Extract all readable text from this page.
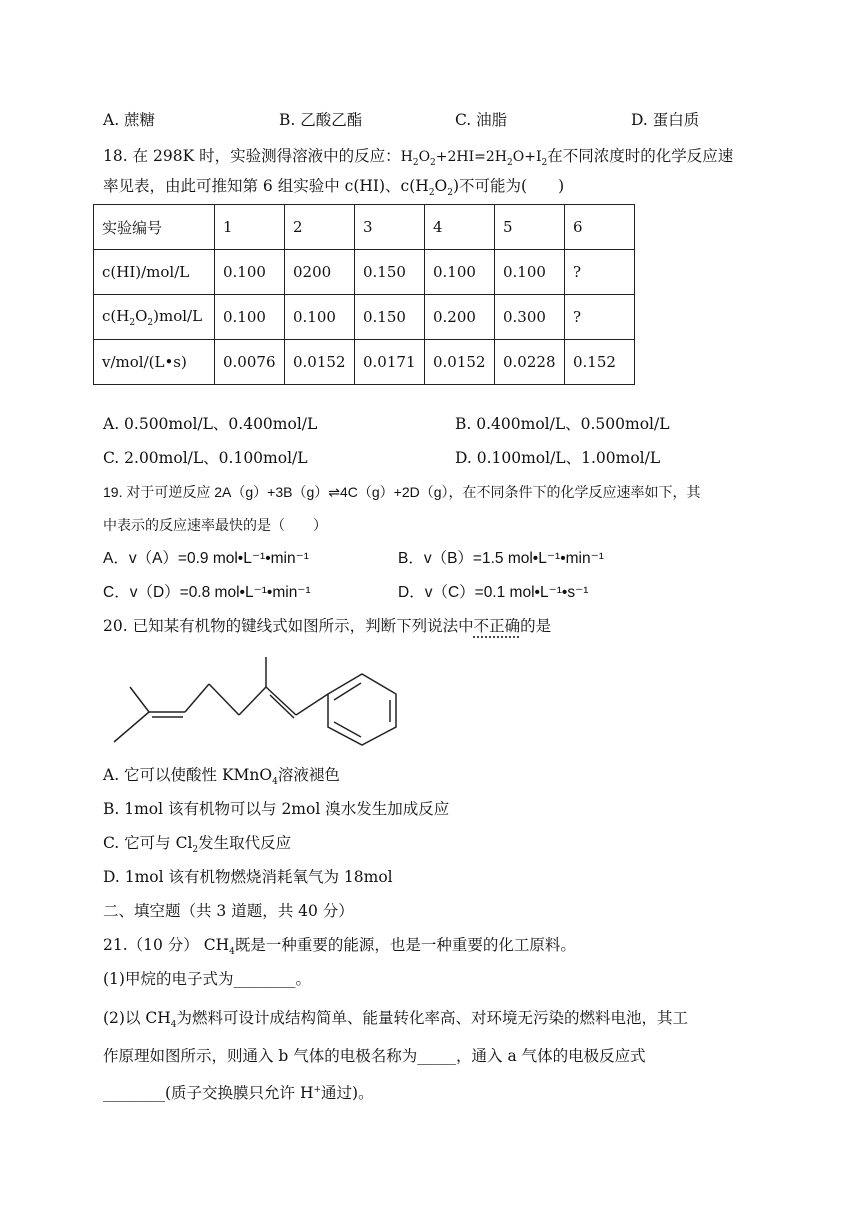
A. 蔗糖	B. 乙酸乙酯	C. 油脂	D. 蛋白质
18. 在 298K 时，实验测得溶液中的反应：$H_2O_2+2HI=2H_2O+I_2$在不同浓度时的化学反应速
率见表，由此可推知第 6 组实验中 c(HI)、$c(H_2O_2)$不可能为(　　)
实验编号	1	2	3	4	5	6
c(HI)/mol/L	0.100	0200	0.150	0.100	0.100	?
$c(H_2O_2)mol/L$	0.100	0.100	0.150	0.200	0.300	?
v/mol/(L•s)	0.0076	0.0152	0.0171	0.0152	0.0228	0.152
A. 0.500mol/L、0.400mol/L	B. 0.400mol/L、0.500mol/L
C. 2.00mol/L、0.100mol/L	D. 0.100mol/L、1.00mol/L
19. 对于可逆反应 2A（g）+3B（g）⇌4C（g）+2D（g），在不同条件下的化学反应速率如下，其
中表示的反应速率最快的是（　　）
A．v（A）=0.9 mol•L⁻¹•min⁻¹	B．v（B）=1.5 mol•L⁻¹•min⁻¹
C．v（D）=0.8 mol•L⁻¹•min⁻¹	D．v（C）=0.1 mol•L⁻¹•s⁻¹
20. 已知某有机物的键线式如图所示，判断下列说法中不正确的是
A. 它可以使酸性 KMnO$_4$溶液褪色
B. 1mol 该有机物可以与 2mol 溴水发生加成反应
C. 它可与 $Cl_2$发生取代反应
D. 1mol 该有机物燃烧消耗氧气为 18mol
二、填空题（共 3 道题，共 40 分）
21.（10 分） $CH_4$既是一种重要的能源，也是一种重要的化工原料。
(1)甲烷的电子式为________。
(2)以 $CH_4$为燃料可设计成结构简单、能量转化率高、对环境无污染的燃料电池，其工
作原理如图所示，则通入 b 气体的电极名称为_____，通入 a 气体的电极反应式
________(质子交换膜只允许 H+通过)。
